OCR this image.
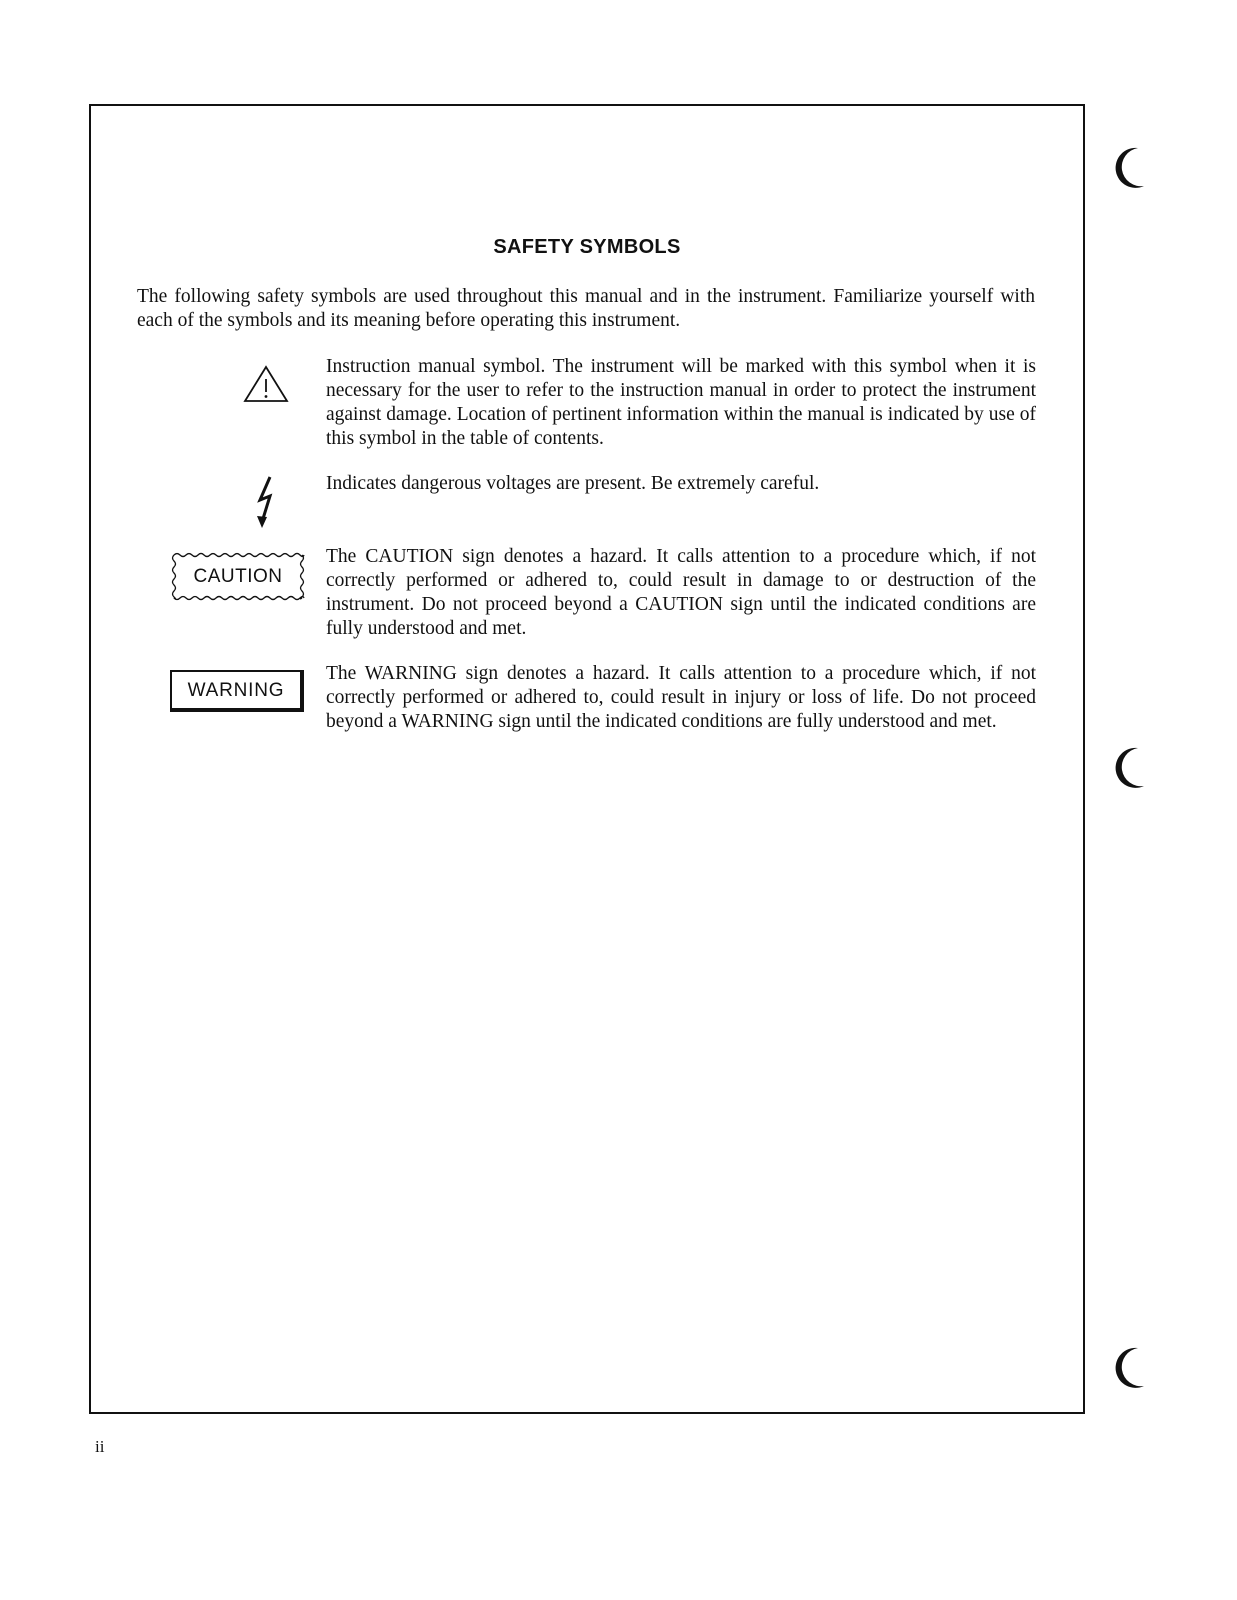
SAFETY SYMBOLS
The following safety symbols are used throughout this manual and in the instrument. Familiarize yourself with each of the symbols and its meaning before operating this instrument.
Instruction manual symbol. The instrument will be marked with this symbol when it is necessary for the user to refer to the instruction manual in order to protect the instrument against damage. Location of pertinent information within the manual is indicated by use of this symbol in the table of contents.
Indicates dangerous voltages are present. Be extremely careful.
CAUTION
The CAUTION sign denotes a hazard. It calls attention to a procedure which, if not correctly performed or adhered to, could result in damage to or destruction of the instrument. Do not proceed beyond a CAUTION sign until the indicated conditions are fully understood and met.
WARNING
The WARNING sign denotes a hazard. It calls attention to a procedure which, if not correctly performed or adhered to, could result in injury or loss of life. Do not proceed beyond a WARNING sign until the indicated conditions are fully understood and met.
ii
